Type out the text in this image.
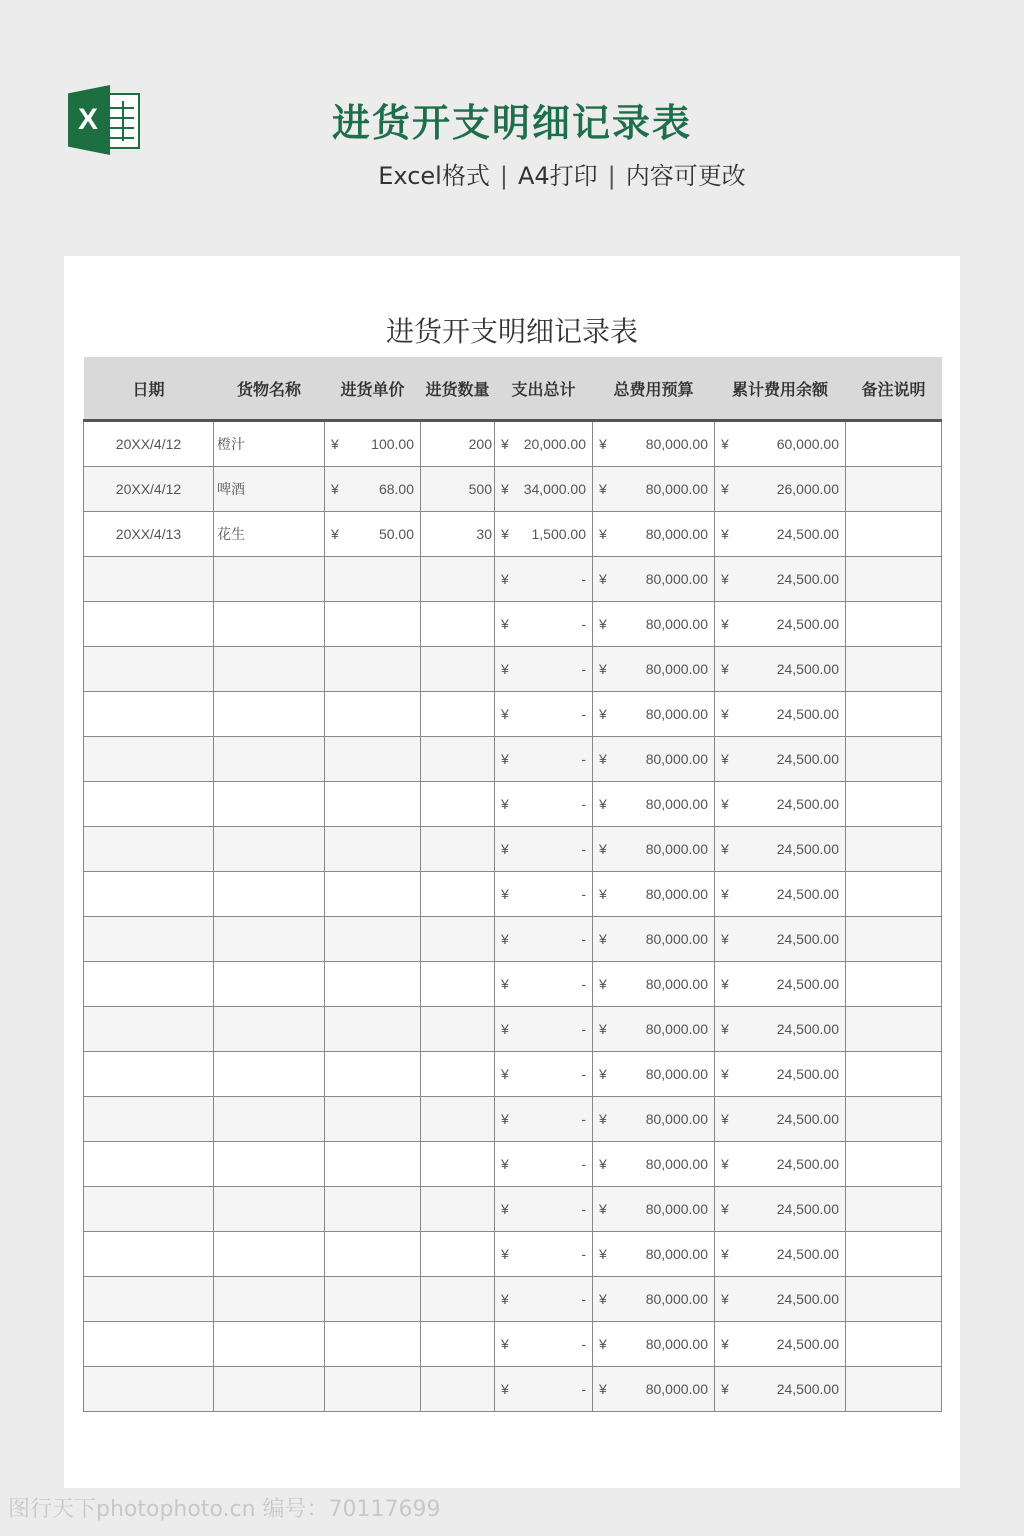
X	进货开支明细记录表
Excel格式 | A4打印 | 内容可更改
进货开支明细记录表
日期	货物名称	进货单价	进货数量	支出总计	总费用预算	累计费用余额	备注说明
20XX/4/12	橙汁	¥ 100.00	200	¥ 20,000.00	¥ 80,000.00	¥ 60,000.00	

20XX/4/12	啤酒	¥ 68.00	500	¥ 34,000.00	¥ 80,000.00	¥ 26,000.00	

20XX/4/13	花生	¥ 50.00	30	¥ 1,500.00	¥ 80,000.00	¥ 24,500.00	

				¥ -	¥ 80,000.00	¥ 24,500.00	

				¥ -	¥ 80,000.00	¥ 24,500.00	

				¥ -	¥ 80,000.00	¥ 24,500.00	

				¥ -	¥ 80,000.00	¥ 24,500.00	

				¥ -	¥ 80,000.00	¥ 24,500.00	

				¥ -	¥ 80,000.00	¥ 24,500.00	

				¥ -	¥ 80,000.00	¥ 24,500.00	

				¥ -	¥ 80,000.00	¥ 24,500.00	

				¥ -	¥ 80,000.00	¥ 24,500.00	

				¥ -	¥ 80,000.00	¥ 24,500.00	

				¥ -	¥ 80,000.00	¥ 24,500.00	

				¥ -	¥ 80,000.00	¥ 24,500.00	

				¥ -	¥ 80,000.00	¥ 24,500.00	

				¥ -	¥ 80,000.00	¥ 24,500.00	

				¥ -	¥ 80,000.00	¥ 24,500.00	

				¥ -	¥ 80,000.00	¥ 24,500.00	

				¥ -	¥ 80,000.00	¥ 24,500.00	

				¥ -	¥ 80,000.00	¥ 24,500.00	

				¥ -	¥ 80,000.00	¥ 24,500.00	

图行天下photophoto.cn 编号：70117699
